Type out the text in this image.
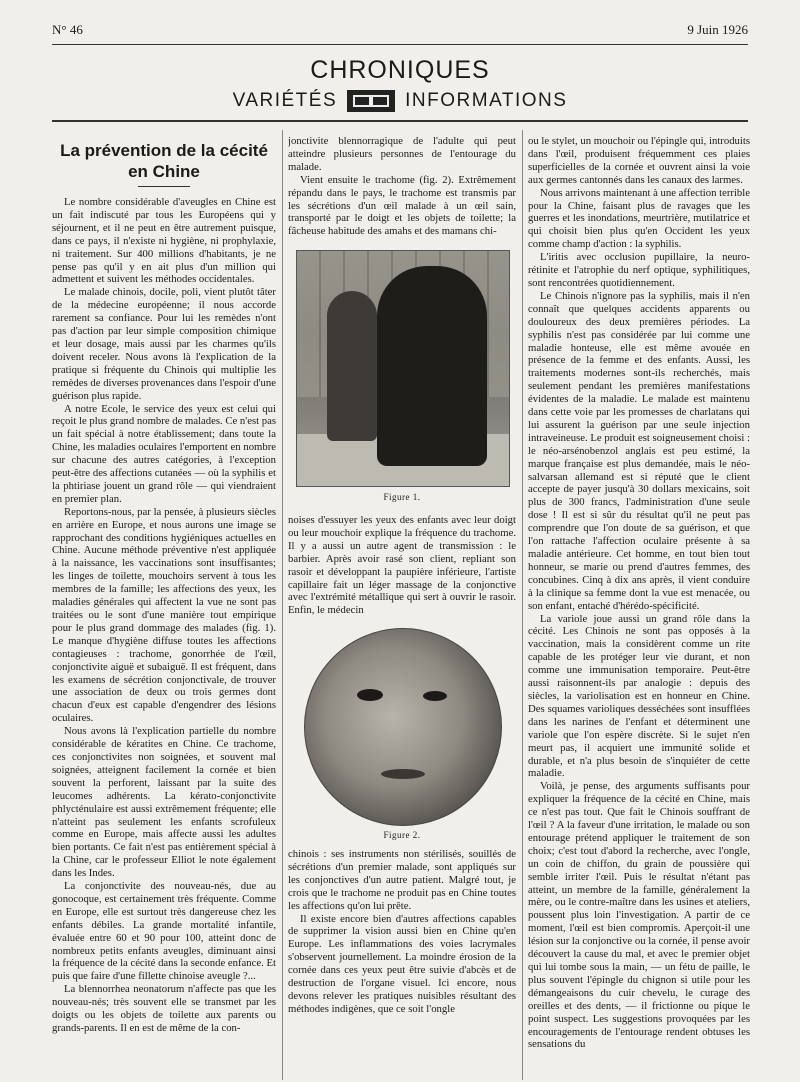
N° 46	9 Juin 1926
CHRONIQUES
VARIÉTÉS	INFORMATIONS
La prévention de la cécité en Chine

Le nombre considérable d'aveugles en Chine est un fait indiscuté par tous les Européens qui y séjournent, et il ne peut en être autrement puisque, dans ce pays, il n'existe ni hygiène, ni prophylaxie, ni traitement. Sur 400 millions d'habitants, je ne pense pas qu'il y en ait plus d'un million qui admettent et suivent les méthodes occidentales.

Le malade chinois, docile, poli, vient plutôt tâter de la médecine européenne; il nous accorde rarement sa confiance. Pour lui les remèdes n'ont pas d'action par leur simple composition chimique et leur dosage, mais aussi par les charmes qu'ils doivent receler. Nous avons là l'explication de la pratique si fréquente du Chinois qui multiplie les remèdes de diverses provenances dans l'espoir d'une guérison plus rapide.

A notre Ecole, le service des yeux est celui qui reçoit le plus grand nombre de malades. Ce n'est pas un fait spécial à notre établissement; dans toute la Chine, les maladies oculaires l'emportent en nombre sur chacune des autres catégories, à l'exception peut-être des affections cutanées — où la syphilis et la phtiriase jouent un grand rôle — qui viendraient en premier plan.

Reportons-nous, par la pensée, à plusieurs siècles en arrière en Europe, et nous aurons une image se rapprochant des conditions hygiéniques actuelles en Chine. Aucune méthode préventive n'est appliquée à la naissance, les vaccinations sont insuffisantes; les linges de toilette, mouchoirs servent à tous les membres de la famille; les affections des yeux, les maladies générales qui affectent la vue ne sont pas traitées ou le sont d'une manière tout empirique pour le plus grand dommage des malades (fig. 1). Le manque d'hygiène diffuse toutes les affections contagieuses : trachome, gonorrhée de l'œil, conjonctivite aiguë et subaiguë. Il est fréquent, dans les examens de sécrétion conjonctivale, de trouver une association de deux ou trois germes dont chacun d'eux est capable d'engendrer des lésions oculaires.

Nous avons là l'explication partielle du nombre considérable de kératites en Chine. Ce trachome, ces conjonctivites non soignées, et souvent mal soignées, atteignent facilement la cornée et bien souvent la perforent, laissant par la suite des leucomes adhérents. La kérato-conjonctivite phlycténulaire est aussi extrêmement fréquente; elle n'atteint pas seulement les enfants scrofuleux comme en Europe, mais affecte aussi les adultes bien portants. Ce fait n'est pas entièrement spécial à la Chine, car le professeur Elliot le note également dans les Indes.

La conjonctivite des nouveau-nés, due au gonocoque, est certainement très fréquente. Comme en Europe, elle est surtout très dangereuse chez les enfants débiles. La grande mortalité infantile, évaluée entre 60 et 90 pour 100, atteint donc de nombreux petits enfants aveugles, diminuant ainsi la fréquence de la cécité dans la seconde enfance. Et puis que faire d'une fillette chinoise aveugle ?...

La blennorrhea neonatorum n'affecte pas que les nouveau-nés; très souvent elle se transmet par les doigts ou les objets de toilette aux parents ou grands-parents. Il en est de même de la con-

jonctivite blennorragique de l'adulte qui peut atteindre plusieurs personnes de l'entourage du malade.

Vient ensuite le trachome (fig. 2). Extrêmement répandu dans le pays, le trachome est transmis par les sécrétions d'un œil malade à un œil sain, transporté par le doigt et les objets de toilette; la fâcheuse habitude des amahs et des mamans chi-

Figure 1.

noises d'essuyer les yeux des enfants avec leur doigt ou leur mouchoir explique la fréquence du trachome. Il y a aussi un autre agent de transmission : le barbier. Après avoir rasé son client, repliant son rasoir et développant la paupière inférieure, l'artiste capillaire fait un léger massage de la conjonctive avec l'extrémité métallique qui sert à ouvrir le rasoir. Enfin, le médecin

Figure 2.

chinois : ses instruments non stérilisés, souillés de sécrétions d'un premier malade, sont appliqués sur les conjonctives d'un autre patient. Malgré tout, je crois que le trachome ne produit pas en Chine toutes les affections qu'on lui prête.

Il existe encore bien d'autres affections capables de supprimer la vision aussi bien en Chine qu'en Europe. Les inflammations des voies lacrymales s'observent journellement. La moindre érosion de la cornée dans ces yeux peut être suivie d'abcès et de destruction de l'organe visuel. Ici encore, nous devons relever les pratiques nuisibles résultant des méthodes indigènes, que ce soit l'ongle

ou le stylet, un mouchoir ou l'épingle qui, introduits dans l'œil, produisent fréquemment ces plaies superficielles de la cornée et ouvrent ainsi la voie aux germes cantonnés dans les canaux des larmes.

Nous arrivons maintenant à une affection terrible pour la Chine, faisant plus de ravages que les guerres et les inondations, meurtrière, mutilatrice et qui choisit bien plus qu'en Occident les yeux comme champ d'action : la syphilis.

L'iritis avec occlusion pupillaire, la neuro-rétinite et l'atrophie du nerf optique, syphilitiques, sont rencontrées quotidiennement.

Le Chinois n'ignore pas la syphilis, mais il n'en connaît que quelques accidents apparents ou douloureux des deux premières périodes. La syphilis n'est pas considérée par lui comme une maladie honteuse, elle est même avouée en présence de la femme et des enfants. Aussi, les traitements modernes sont-ils recherchés, mais seulement pendant les premières manifestations évidentes de la maladie. Le malade est maintenu dans cette voie par les promesses de charlatans qui lui assurent la guérison par une seule injection intraveineuse. Le produit est soigneusement choisi : le néo-arsénobenzol anglais est peu estimé, la marque française est plus demandée, mais le néo-salvarsan allemand est si réputé que le client accepte de payer jusqu'à 30 dollars mexicains, soit plus de 300 francs, l'administration d'une seule dose ! Il est si sûr du résultat qu'il ne peut pas comprendre que l'on doute de sa guérison, et que l'on rattache l'affection oculaire présente à sa maladie antérieure. Cet homme, en tout bien tout honneur, se marie ou prend d'autres femmes, des concubines. Cinq à dix ans après, il vient conduire à la clinique sa femme dont la vue est menacée, ou son enfant, entaché d'hérédo-spécificité.

La variole joue aussi un grand rôle dans la cécité. Les Chinois ne sont pas opposés à la vaccination, mais la considèrent comme un rite capable de les protéger leur vie durant, et non comme une immunisation temporaire. Peut-être aussi raisonnent-ils par analogie : depuis des siècles, la variolisation est en honneur en Chine. Des squames varioliques desséchées sont insufflées dans les narines de l'enfant et déterminent une variole que l'on espère discrète. Si le sujet n'en meurt pas, il acquiert une immunité solide et durable, et n'a plus besoin de s'inquiéter de cette maladie.

Voilà, je pense, des arguments suffisants pour expliquer la fréquence de la cécité en Chine, mais ce n'est pas tout. Que fait le Chinois souffrant de l'œil ? A la faveur d'une irritation, le malade ou son entourage prétend appliquer le traitement de son choix; c'est tout d'abord la recherche, avec l'ongle, un coin de chiffon, du grain de poussière qui semble irriter l'œil. Puis le résultat n'étant pas atteint, un membre de la famille, généralement la mère, ou le contre-maître dans les usines et ateliers, poussent plus loin l'investigation. A partir de ce moment, l'œil est bien compromis. Aperçoit-il une lésion sur la conjonctive ou la cornée, il pense avoir découvert la cause du mal, et avec le premier objet qui lui tombe sous la main, — un fétu de paille, le plus souvent l'épingle du chignon si utile pour les démangeaisons du cuir chevelu, le curage des oreilles et des dents, — il frictionne ou pique le point suspect. Les suggestions provoquées par les encouragements de l'entourage rendent obtuses les sensations du
